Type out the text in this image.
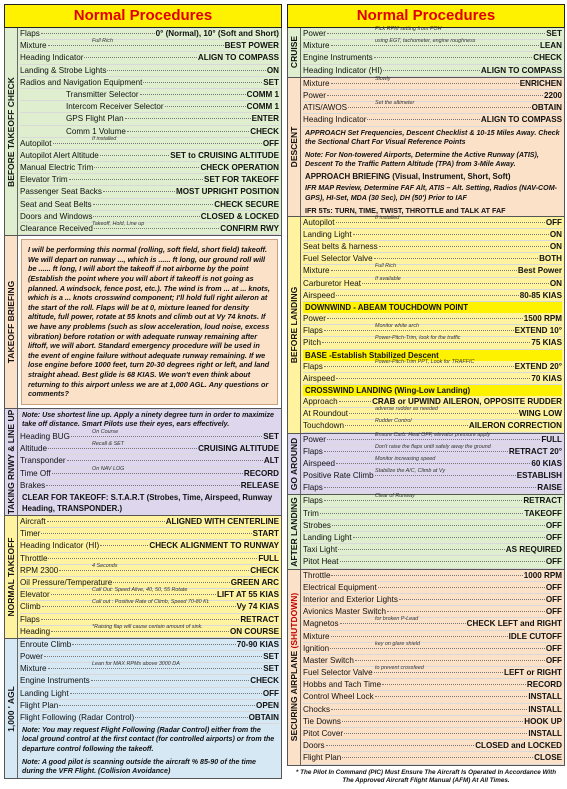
Normal Procedures
BEFORE TAKEOFF CHECK
Flaps	0° (Normal), 10° (Soft and Short)
Mixture	BEST POWER
Full Rich
Heading Indicator	ALIGN TO COMPASS
Landing & Strobe Lights	ON
Radios and Navigation Equipment	SET
Transmitter Selector	COMM 1
Intercom Receiver Selector	COMM 1
GPS Flight Plan	ENTER
Comm 1 Volume	CHECK
Autopilot	OFF
If installed
Autopilot Alert Altitude	SET to CRUISING ALTITUDE
Manual Electric Trim	CHECK OPERATION
Elevator Trim	SET FOR TAKEOFF
Passenger Seat Backs	MOST UPRIGHT POSITION
Seat and Seat Belts	CHECK SECURE
Doors and Windows	CLOSED & LOCKED
Clearance Received	CONFIRM RWY
Takeoff, Hold, Line up
TAKEOFF BRIEFING
I will be performing this normal (rolling, soft field, short field) takeoff. We will depart on runway ..., which is ...... ft long, our ground roll will be ...... ft long, I will abort the takeoff if not airborne by the point (Establish the point where you will abort if takeoff is not going as planned. A windsock, fence post, etc.). The wind is from ... at ... knots, which is a ... knots crosswind component; I'll hold full right aileron at the start of the roll. Flaps will be at 0, mixture leaned for density altitude, full power, rotate at 55 knots and climb out at Vy 74 knots. If we have any problems (such as slow acceleration, loud noise, excess vibration) before rotation or with adequate runway remaining after liftoff, we will abort. Standard emergency procedure will be used in the event of engine failure without adequate runway remaining. If we lose engine before 1000 feet, turn 20-30 degrees right or left, and land straight ahead. Best glide is 68 KIAS. We won't even think about returning to this airport unless we are at 1,000 AGL. Any questions or comments?
TAKING RNWY & LINE UP Note: Use shortest line up. Apply a ninety degree turn in order to maximize take off distance. Smart Pilots use their eyes, ears effectively.
Heading BUG	SET
On Course
Altitude	CRUISING ALTITUDE
Recall & SET
Transponder	ALT
Time Off	RECORD
On NAV LOG
Brakes	RELEASE
CLEAR FOR TAKEOFF: S.T.A.R.T (Strobes, Time, Airspeed, Runway Heading, TRANSPONDER.)
NORMAL TAKEOFF
Aircraft	ALIGNED WITH CENTERLINE
Timer	START
Heading Indicator (HI)	CHECK ALIGNMENT TO RUNWAY
Throttle	FULL
RPM 2300	CHECK
4 Seconds
Oil Pressure/Temperature	GREEN ARC
Elevator	LIFT AT 55 KIAS
Call Out: Speed Alive, 40, 50, 55 Rotate
Climb	Vy 74 KIAS
Call out : Positive Rate of Climb, Speed 70-80 Kt.
Flaps	RETRACT
Heading	ON COURSE
*Raising flap will cause certain amount of sink.
1,000 ' AGL
Enroute Climb	70-90 KIAS
Power	SET
Mixture	SET
Lean for MAX RPMs above 3000 DA
Engine Instruments	CHECK
Landing Light	OFF
Flight Plan	OPEN
Flight Following (Radar Control)	OBTAIN
Note: You may request Flight Following (Radar Control) either from the local ground control at the first contact (for controlled airports) or from the departure control following the takeoff.
Note: A good pilot is scanning outside the aircraft % 85-90 of the time during the VFR Flight. (Collision Avoidance)
Normal Procedures
CRUISE
Power	SET
Pick RPM setting from POH
Mixture	LEAN
using EGT, tachometer, engine roughness
Engine Instruments	CHECK
Heading Indicator (HI)	ALIGN TO COMPASS
DESCENT
Mixture	ENRICHEN
Slowly
Power	2200
ATIS/AWOS	OBTAIN
Set the altimeter
Heading Indicator	ALIGN TO COMPASS
APPROACH Set Frequencies, Descent Checklist & 10-15 Miles Away. Check the Sectional Chart For Visual Reference Points
Note: For Non-towered Airports, Determine the Active Runway (ATIS), Descent To the Traffic Pattern Altitude (TPA) from 3-Mile Away.
APPROACH BRIEFING (Visual, Instrument, Short, Soft)
IFR MAP Review, Determine FAF Alt, ATIS – Alt. Setting, Radios (NAV-COM-GPS), HI-Set, MDA (30 Sec), DH (50') Prior to IAF
IFR 5Ts: TURN, TIME, TWIST, THROTTLE and TALK AT FAF
BEFORE LANDING
Autopilot	OFF
If installed
Landing Light	ON
Seat belts & harness	ON
Fuel Selector Valve	BOTH
Mixture	Best Power
Full Rich
Carburetor Heat	ON
If available
Airspeed	80-85 KIAS
DOWNWIND - ABEAM TOUCHDOWN POINT
Power	1500 RPM
Flaps	EXTEND 10°
Monitor white arch
Pitch	75 KIAS
Power-Pitch-Trim, look for the traffic
BASE -Establish Stabilized Descent
Flaps	EXTEND 20°
Power-Pitch-Trim PPT, Look for TRAFFIC
Airspeed	70 KIAS
CROSSWIND LANDING (Wing-Low Landing)
Approach	CRAB or UPWIND AILERON, OPPOSITE RUDDER
At Roundout	WING LOW
adverse rudder as needed
Touchdown	AILERON CORRECTION
Rudder Control
GO AROUND Power	FULL
Ensure Carb. Heat OFF, elevator pressure apply
Flaps	RETRACT 20°
Don't raise the flaps until safely away the ground
Airspeed	60 KIAS
Monitor increasing speed
Positive Rate Climb	ESTABLISH
Stabilize the A/C, Climb at Vy
Flaps	RAISE
AFTER LANDING Flaps	RETRACT
Clear of Runway
Trim	TAKEOFF
Strobes	OFF
Landing Light	OFF
Taxi Light	AS REQUIRED
Pitot Heat	OFF
SECURING AIRPLANE (SHUTDOWN)
Throttle	1000 RPM
Electrical Equipment	OFF
Interior and Exterior Lights	OFF
Avionics Master Switch	OFF
Magnetos	CHECK LEFT and RIGHT
for broken P-Lead
Mixture	IDLE CUTOFF
Ignition	OFF
key on glare shield
Master Switch	OFF
Fuel Selector Valve	LEFT or RIGHT
to prevent crossfeed
Hobbs and Tach Time	RECORD
Control Wheel Lock	INSTALL
Chocks	INSTALL
Tie Downs	HOOK UP
Pitot Cover	INSTALL
Doors	CLOSED and LOCKED
Flight Plan	CLOSE
* The Pilot In Command (PIC) Must Ensure The Aircraft Is Operated In Accordance With The Approved Aircraft Flight Manual (AFM) At All Times.
